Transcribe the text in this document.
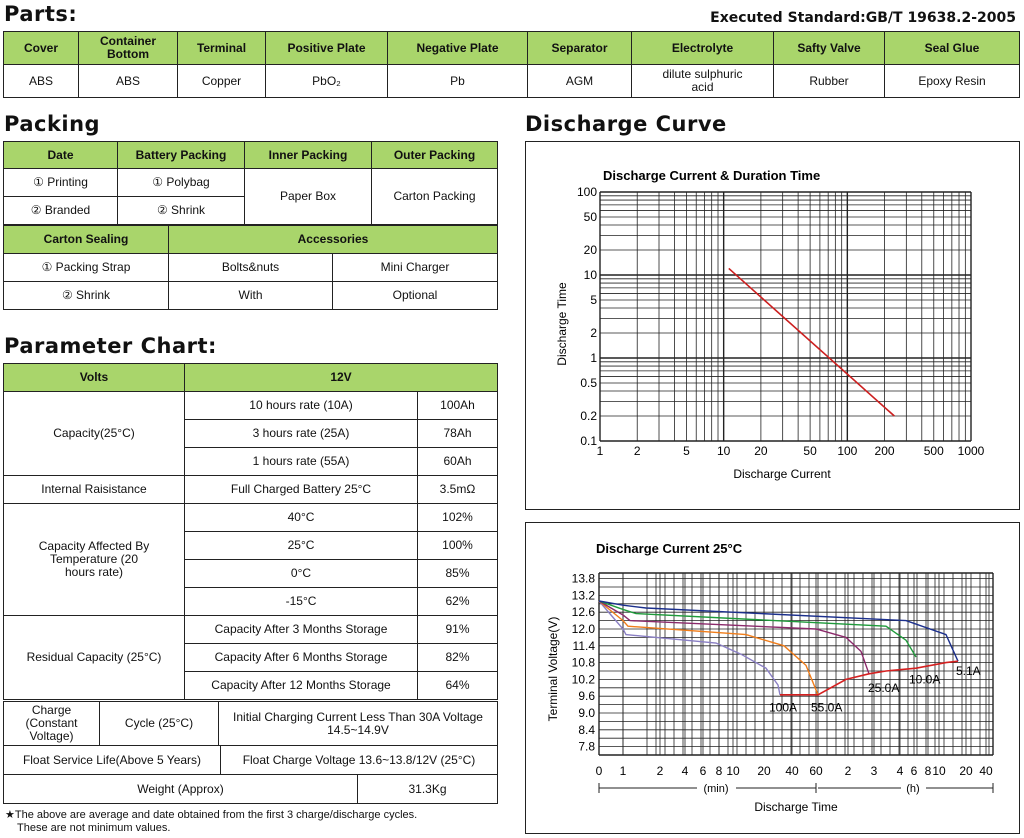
Parts:	Executed Standard:GB/T 19638.2-2005
Cover	Container Bottom	Terminal	Positive Plate	Negative Plate	Separator	Electrolyte	Safty Valve	Seal Glue
ABS	ABS	Copper	PbO₂	Pb	AGM	dilute sulphuric acid	Rubber	Epoxy Resin
Packing
Date	Battery Packing	Inner Packing	Outer Packing
① Printing	① Polybag	Paper Box	Carton Packing
② Branded	② Shrink		
Carton Sealing	Accessories	
① Packing Strap	Bolts&nuts	Mini Charger
② Shrink	With	Optional
Parameter Chart:
Volts	12V	
Capacity(25°C)	10 hours rate (10A)	100Ah
	3 hours rate (25A)	78Ah
	1 hours rate (55A)	60Ah
Internal Raisistance	Full Charged Battery 25°C	3.5mΩ
Capacity Affected By Temperature (20 hours rate)	40°C	102%
	25°C	100%
	0°C	85%
	-15°C	62%
Residual Capacity (25°C)	Capacity After 3 Months Storage	91%
	Capacity After 6 Months Storage	82%
	Capacity After 12 Months Storage	64%
Charge (Constant Voltage)	Cycle (25°C)	Initial Charging Current Less Than 30A Voltage 14.5~14.9V
Float Service Life(Above 5 Years)	Float Charge Voltage 13.6~13.8/12V (25°C)	
Weight (Approx)		31.3Kg
★The above are average and date obtained from the first 3 charge/discharge cycles.
These are not minimum values.
Discharge Curve
Discharge Current & Duration Time
Discharge Current
Discharge Time
1	2	5 10 20	50 100 200 500 1000
100
50
20
10
5
2
1
0.5
0.2
0.1
Discharge Current 25°C
Discharge Time
Terminal Voltage(V)
13.8
13.2
12.6
12.0
11.4
10.8
10.2
9.6
9.0
8.4
7.8
0 1	2 4 6 8 10 20 40 60 2 3 4 6 8 10 20 40
100A 55.0A
25.0A
10.0A
5.1A
(min)	(h)
